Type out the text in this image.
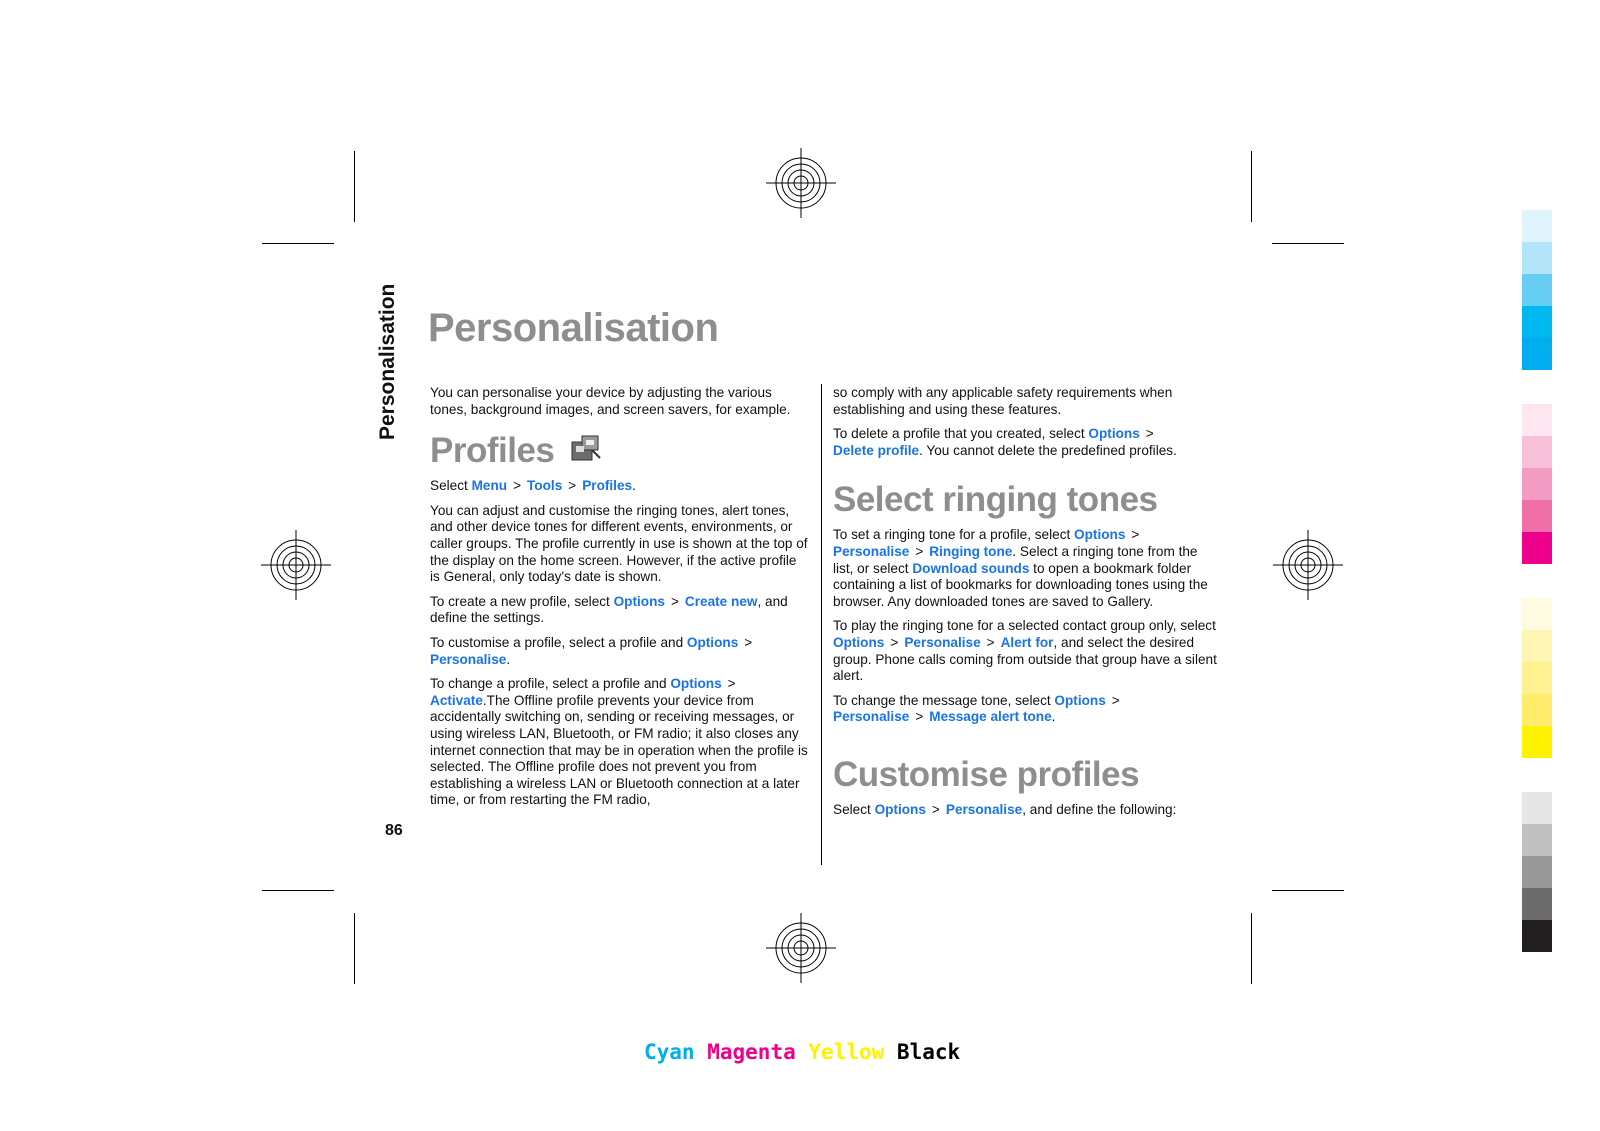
Personalisation
86
Personalisation

You can personalise your device by adjusting the various tones, background images, and screen savers, for example.

Profiles

Select Menu > Tools > Profiles.

You can adjust and customise the ringing tones, alert tones, and other device tones for different events, environments, or caller groups. The profile currently in use is shown at the top of the display on the home screen. However, if the active profile is General, only today's date is shown.

To create a new profile, select Options > Create new, and define the settings.

To customise a profile, select a profile and Options >
Personalise.

To change a profile, select a profile and Options >
Activate.The Offline profile prevents your device from accidentally switching on, sending or receiving messages, or using wireless LAN, Bluetooth, or FM radio; it also closes any internet connection that may be in operation when the profile is selected. The Offline profile does not prevent you from establishing a wireless LAN or Bluetooth connection at a later time, or from restarting the FM radio,

so comply with any applicable safety requirements when establishing and using these features.

To delete a profile that you created, select Options >
Delete profile. You cannot delete the predefined profiles.

Select ringing tones

To set a ringing tone for a profile, select Options >
Personalise > Ringing tone. Select a ringing tone from the list, or select Download sounds to open a bookmark folder containing a list of bookmarks for downloading tones using the browser. Any downloaded tones are saved to Gallery.

To play the ringing tone for a selected contact group only, select Options > Personalise > Alert for, and select the desired group. Phone calls coming from outside that group have a silent alert.

To change the message tone, select Options >
Personalise > Message alert tone.

Customise profiles

Select Options > Personalise, and define the following:

Cyan Magenta Yellow Black
